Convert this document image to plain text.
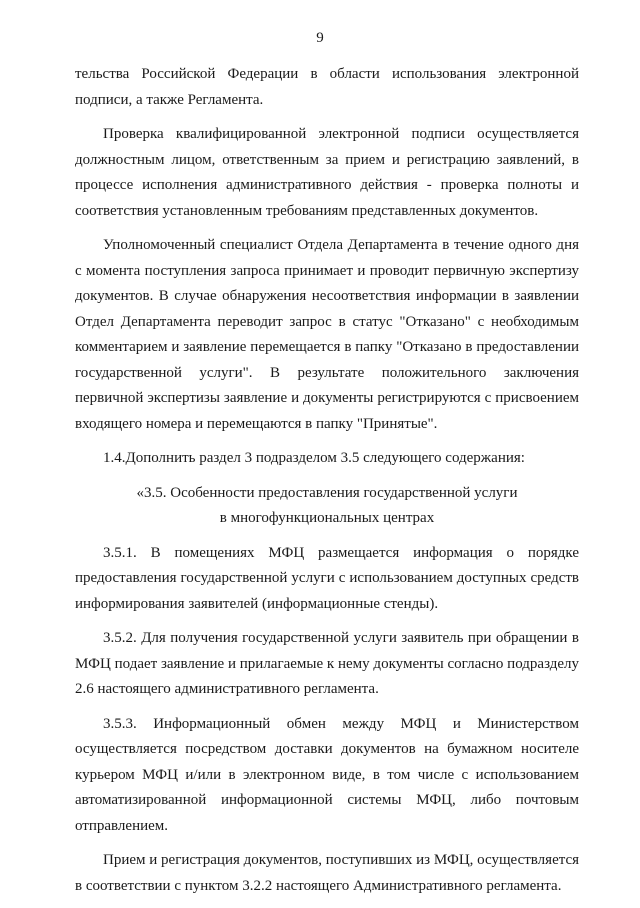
9

тельства Российской Федерации в области использования электронной подписи, а также Регламента.

Проверка квалифицированной электронной подписи осуществляется должностным лицом, ответственным за прием и регистрацию заявлений, в процессе исполнения административного действия - проверка полноты и соответствия установленным требованиям представленных документов.

Уполномоченный специалист Отдела Департамента в течение одного дня с момента поступления запроса принимает и проводит первичную экспертизу документов. В случае обнаружения несоответствия информации в заявлении Отдел Департамента переводит запрос в статус "Отказано" с необходимым комментарием и заявление перемещается в папку "Отказано в предоставлении государственной услуги". В результате положительного заключения первичной экспертизы заявление и документы регистрируются с присвоением входящего номера и перемещаются в папку "Принятые".

1.4.Дополнить раздел 3 подразделом 3.5 следующего содержания:

«3.5. Особенности предоставления государственной услуги

в многофункциональных центрах

3.5.1. В помещениях МФЦ размещается информация о порядке предоставления государственной услуги с использованием доступных средств информирования заявителей (информационные стенды).

3.5.2. Для получения государственной услуги заявитель при обращении в МФЦ подает заявление и прилагаемые к нему документы согласно подразделу 2.6 настоящего административного регламента.

3.5.3. Информационный обмен между МФЦ и Министерством осуществляется посредством доставки документов на бумажном носителе курьером МФЦ и/или в электронном виде, в том числе с использованием автоматизированной информационной системы МФЦ, либо почтовым отправлением.

Прием и регистрация документов, поступивших из МФЦ, осуществляется в соответствии с пунктом 3.2.2 настоящего Административного регламента.
